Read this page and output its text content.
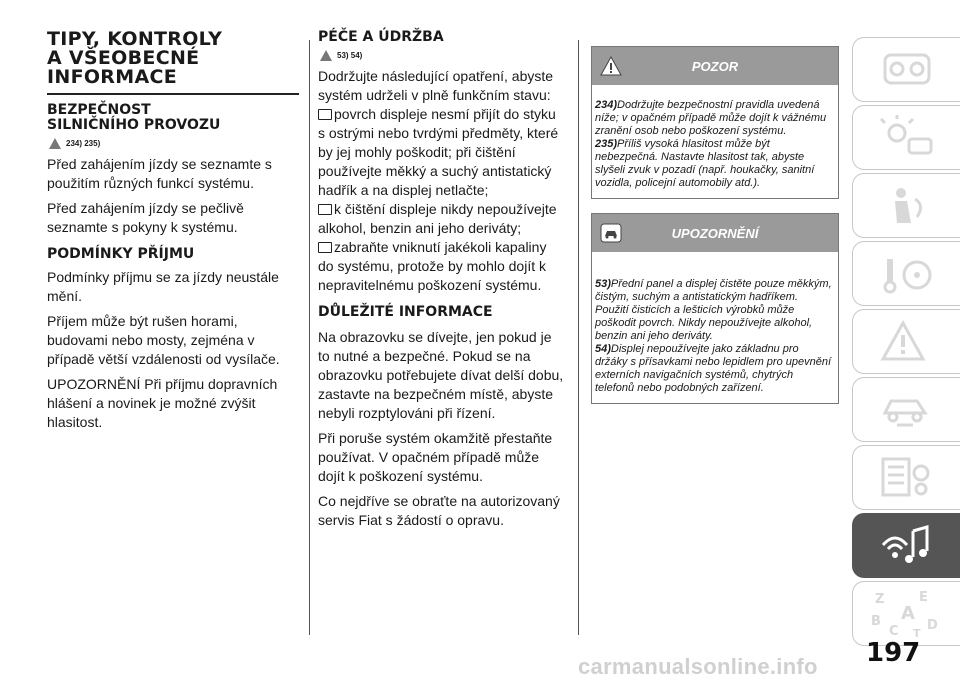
TIPY, KONTROLY
A VŠEOBECNÉ
INFORMACE
BEZPEČNOST
SILNIČNÍHO PROVOZU
234) 235)

Před zahájením jízdy se seznamte s použitím různých funkcí systému.

Před zahájením jízdy se pečlivě seznamte s pokyny k systému.

PODMÍNKY PŘÍJMU

Podmínky příjmu se za jízdy neustále mění.

Příjem může být rušen horami, budovami nebo mosty, zejména v případě větší vzdálenosti od vysílače.

UPOZORNĚNÍ Při příjmu dopravních hlášení a novinek je možné zvýšit hlasitost.

PÉČE A ÚDRŽBA
53) 54)

Dodržujte následující opatření, abyste systém udrželi v plně funkčním stavu:

povrch displeje nesmí přijít do styku s ostrými nebo tvrdými předměty, které by jej mohly poškodit; při čištění používejte měkký a suchý antistatický hadřík a na displej netlačte;

k čištění displeje nikdy nepoužívejte alkohol, benzin ani jeho deriváty;

zabraňte vniknutí jakékoli kapaliny do systému, protože by mohlo dojít k nepravitelnému poškození systému.

DŮLEŽITÉ INFORMACE

Na obrazovku se dívejte, jen pokud je to nutné a bezpečné. Pokud se na obrazovku potřebujete dívat delší dobu, zastavte na bezpečném místě, abyste nebyli rozptylováni při řízení.

Při poruše systém okamžitě přestaňte používat. V opačném případě může dojít k poškození systému.

Co nejdříve se obraťte na autorizovaný servis Fiat s žádostí o opravu.

POZOR
234)Dodržujte bezpečnostní pravidla uvedená níže; v opačném případě může dojít k vážnému zranění osob nebo poškození systému.
235)Příliš vysoká hlasitost může být nebezpečná. Nastavte hlasitost tak, abyste slyšeli zvuk v pozadí (např. houkačky, sanitní vozidla, policejní automobily atd.).
UPOZORNĚNÍ
53)Přední panel a displej čistěte pouze měkkým, čistým, suchým a antistatickým hadříkem. Použití čisticích a lešticích výrobků může poškodit povrch. Nikdy nepoužívejte alkohol, benzin ani jeho deriváty.
54)Displej nepoužívejte jako základnu pro držáky s přísavkami nebo lepidlem pro upevnění externích navigačních systémů, chytrých telefonů nebo podobných zařízení.
Z	E
A
B
C D
T
197
carmanualsonline.info
